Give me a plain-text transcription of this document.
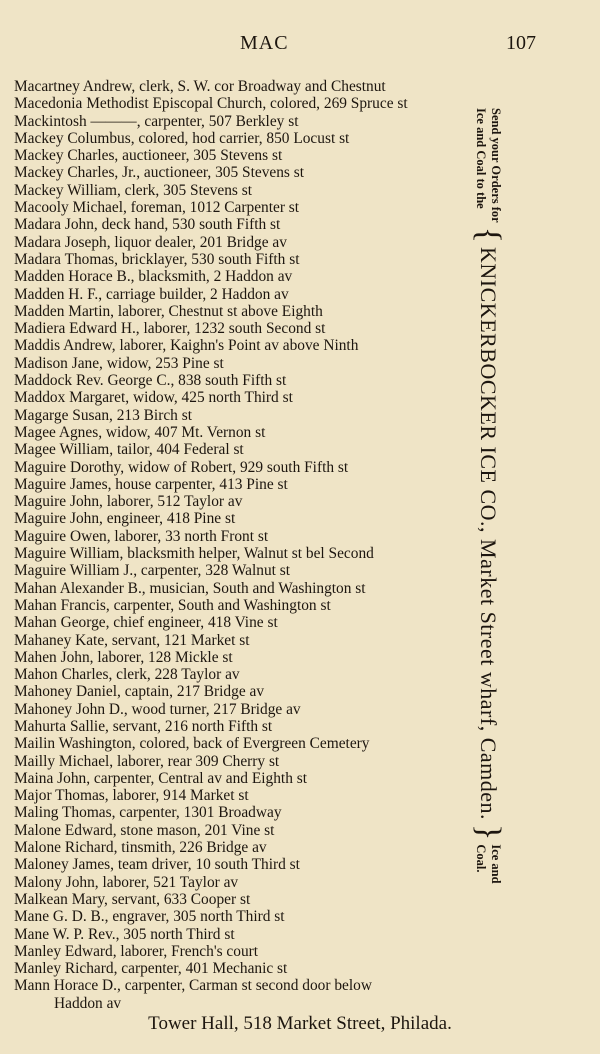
MAC	107
Macartney Andrew, clerk, S. W. cor Broadway and Chestnut
Macedonia Methodist Episcopal Church, colored, 269 Spruce st
Mackintosh ———, carpenter, 507 Berkley st
Mackey Columbus, colored, hod carrier, 850 Locust st
Mackey Charles, auctioneer, 305 Stevens st
Mackey Charles, Jr., auctioneer, 305 Stevens st
Mackey William, clerk, 305 Stevens st
Macooly Michael, foreman, 1012 Carpenter st
Madara John, deck hand, 530 south Fifth st
Madara Joseph, liquor dealer, 201 Bridge av
Madara Thomas, bricklayer, 530 south Fifth st
Madden Horace B., blacksmith, 2 Haddon av
Madden H. F., carriage builder, 2 Haddon av
Madden Martin, laborer, Chestnut st above Eighth
Madiera Edward H., laborer, 1232 south Second st
Maddis Andrew, laborer, Kaighn's Point av above Ninth
Madison Jane, widow, 253 Pine st
Maddock Rev. George C., 838 south Fifth st
Maddox Margaret, widow, 425 north Third st
Magarge Susan, 213 Birch st
Magee Agnes, widow, 407 Mt. Vernon st
Magee William, tailor, 404 Federal st
Maguire Dorothy, widow of Robert, 929 south Fifth st
Maguire James, house carpenter, 413 Pine st
Maguire John, laborer, 512 Taylor av
Maguire John, engineer, 418 Pine st
Maguire Owen, laborer, 33 north Front st
Maguire William, blacksmith helper, Walnut st bel Second
Maguire William J., carpenter, 328 Walnut st
Mahan Alexander B., musician, South and Washington st
Mahan Francis, carpenter, South and Washington st
Mahan George, chief engineer, 418 Vine st
Mahaney Kate, servant, 121 Market st
Mahen John, laborer, 128 Mickle st
Mahon Charles, clerk, 228 Taylor av
Mahoney Daniel, captain, 217 Bridge av
Mahoney John D., wood turner, 217 Bridge av
Mahurta Sallie, servant, 216 north Fifth st
Mailin Washington, colored, back of Evergreen Cemetery
Mailly Michael, laborer, rear 309 Cherry st
Maina John, carpenter, Central av and Eighth st
Major Thomas, laborer, 914 Market st
Maling Thomas, carpenter, 1301 Broadway
Malone Edward, stone mason, 201 Vine st
Malone Richard, tinsmith, 226 Bridge av
Maloney James, team driver, 10 south Third st
Malony John, laborer, 521 Taylor av
Malkean Mary, servant, 633 Cooper st
Mane G. D. B., engraver, 305 north Third st
Mane W. P. Rev., 305 north Third st
Manley Edward, laborer, French's court
Manley Richard, carpenter, 401 Mechanic st
Mann Horace D., carpenter, Carman st second door below
Haddon av
Send your Orders for
Ice and Coal to the
{
KNICKERBOCKER ICE CO., Market Street wharf, Camden.
}
Ice and
Coal.
Tower Hall, 518 Market Street, Philada.
